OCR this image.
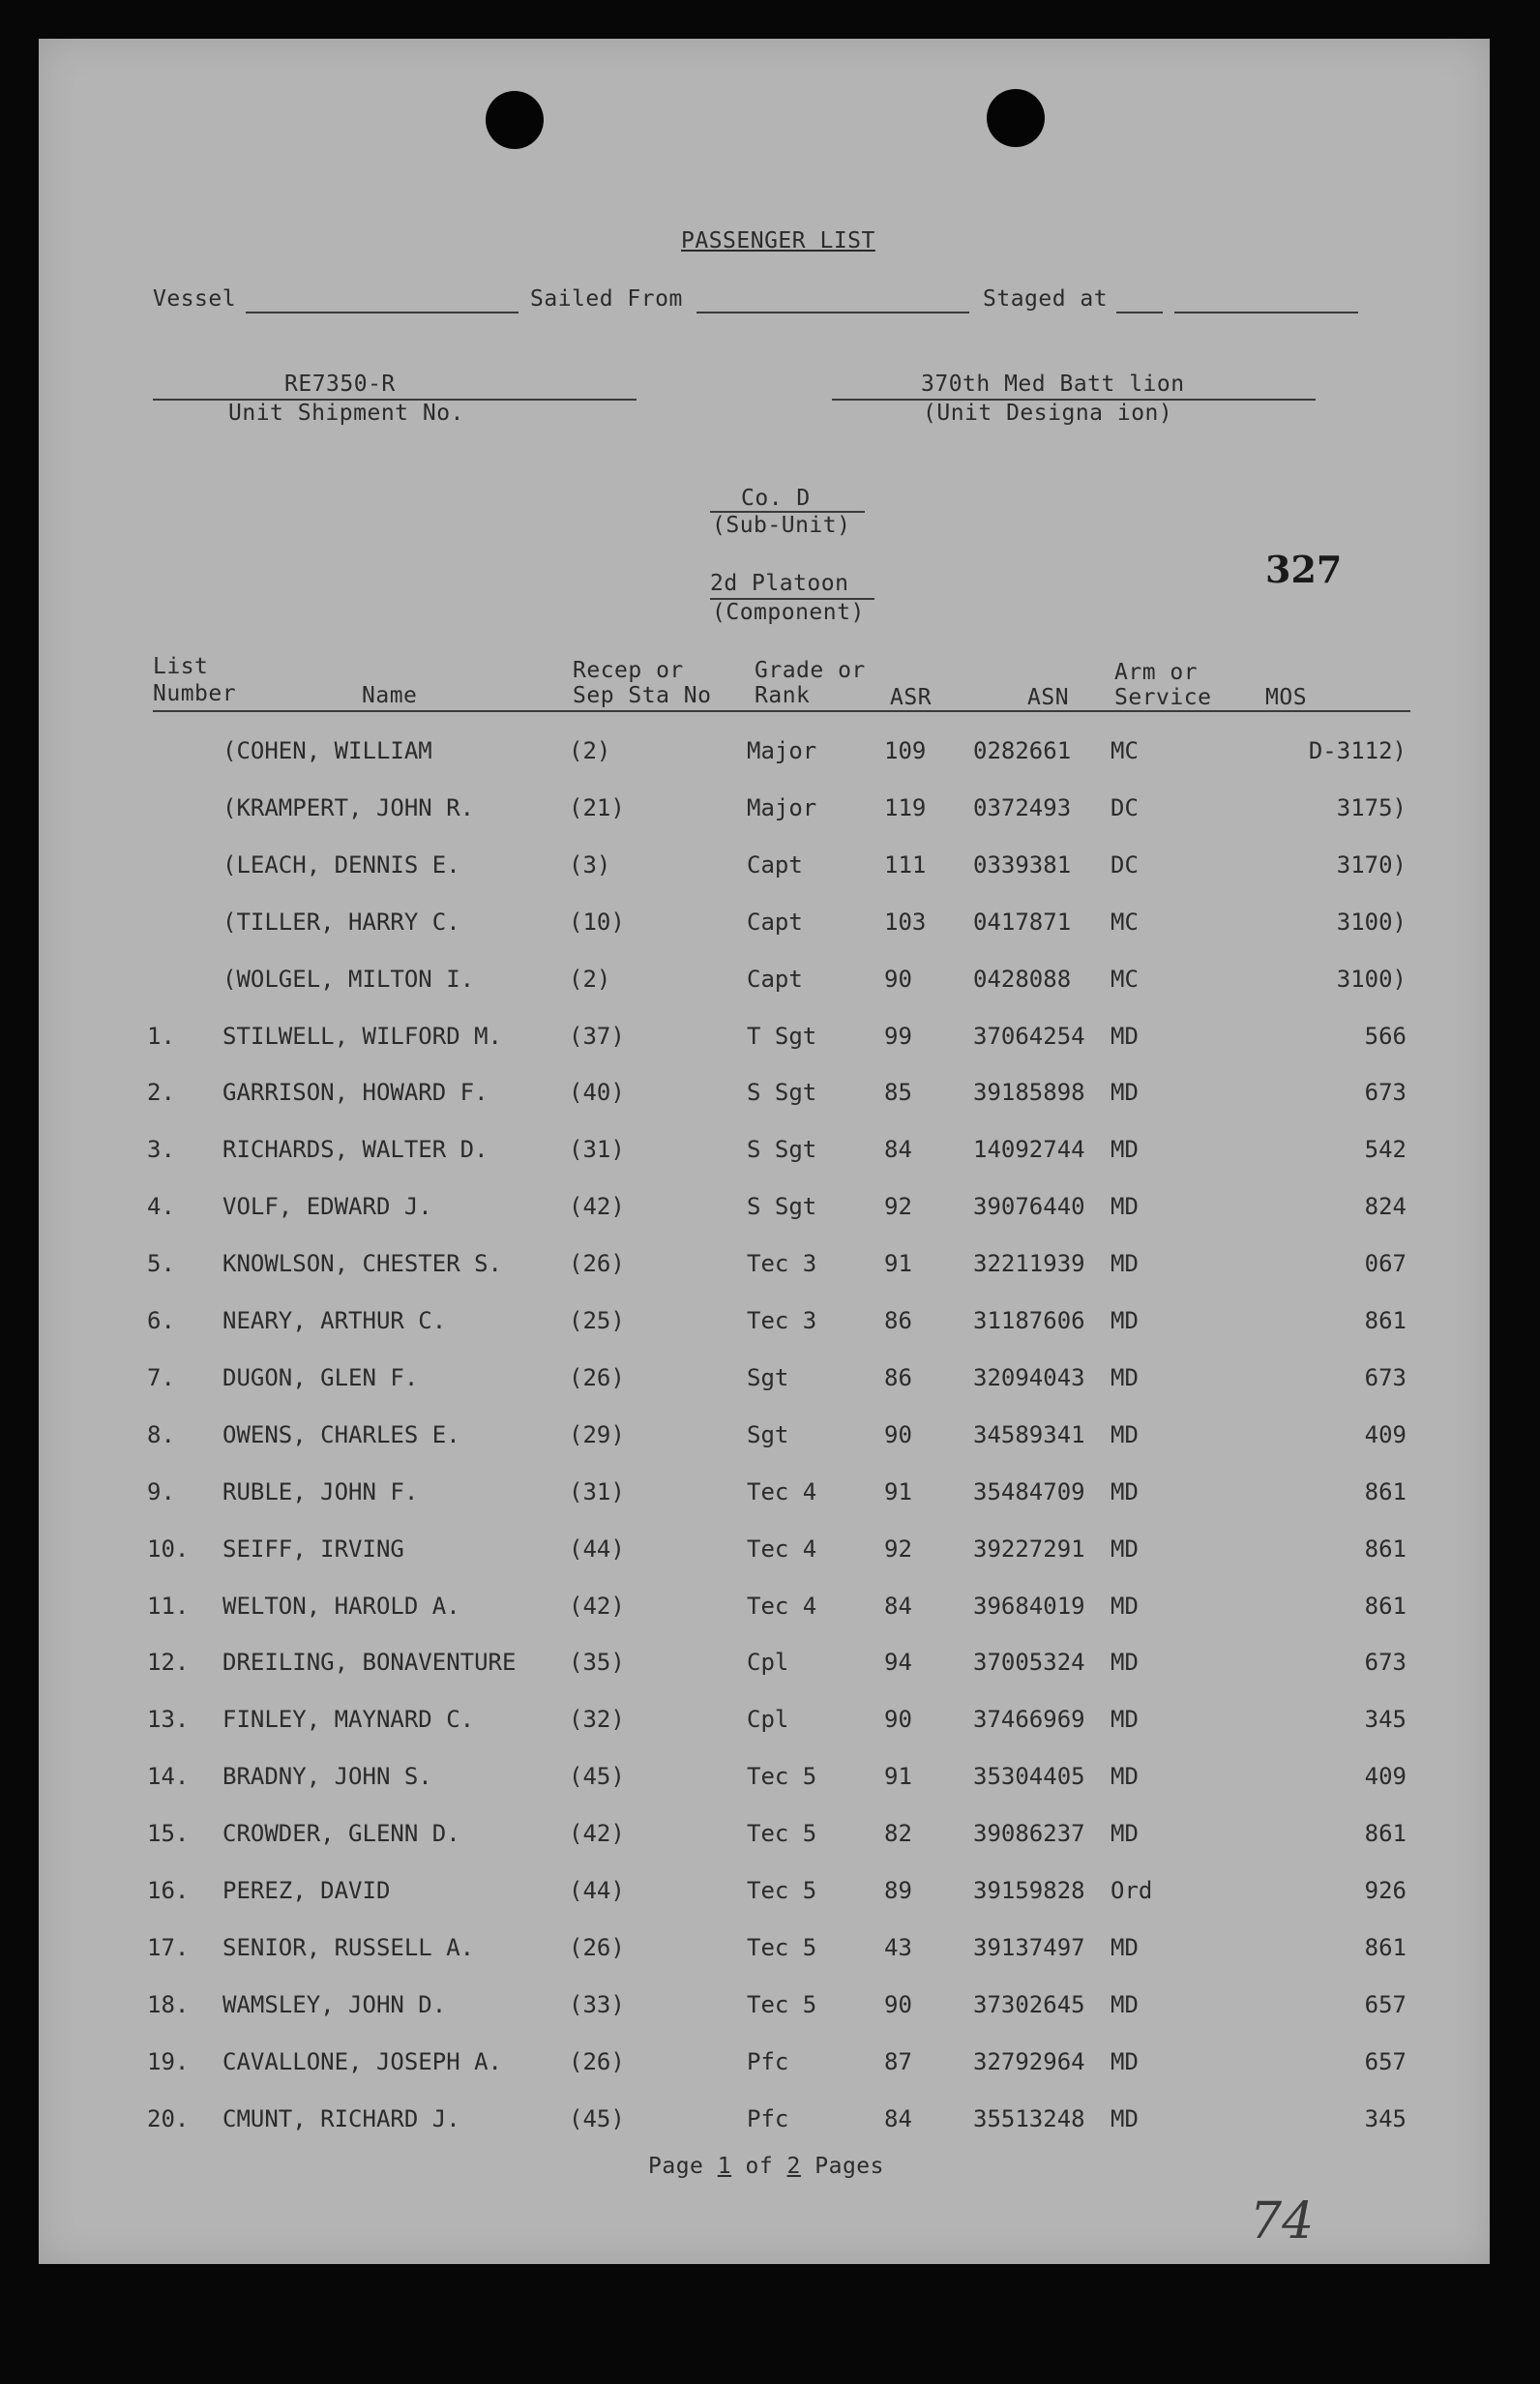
PASSENGER LIST
Vessel	Sailed From	Staged at
RE7350-R
Unit Shipment No.
370th Med Batt lion
(Unit Designa ion)
Co. D
(Sub-Unit)
327
2d Platoon
(Component)
List
Number	Name
Recep or
Sep Sta No
Grade or
Rank	ASR	ASN
Arm or
Service MOS
(COHEN, WILLIAM	(2)	Major	109 0282661 MC	D-3112)
(KRAMPERT, JOHN R.	(21)	Major	119 0372493 DC	3175)
(LEACH, DENNIS E.	(3)	Capt	111 0339381 DC	3170)
(TILLER, HARRY C.	(10)	Capt	103 0417871 MC	3100)
(WOLGEL, MILTON I.	(2)	Capt	90	0428088 MC	3100)
1. STILWELL, WILFORD M.	(37)	T Sgt	99	37064254 MD	566
2. GARRISON, HOWARD F.	(40)	S Sgt	85	39185898 MD	673
3. RICHARDS, WALTER D.	(31)	S Sgt	84	14092744 MD	542
4. VOLF, EDWARD J.	(42)	S Sgt	92	39076440 MD	824
5. KNOWLSON, CHESTER S.	(26)	Tec 3	91	32211939 MD	067
6. NEARY, ARTHUR C.	(25)	Tec 3	86	31187606 MD	861
7. DUGON, GLEN F.	(26)	Sgt	86	32094043 MD	673
8. OWENS, CHARLES E.	(29)	Sgt	90	34589341 MD	409
9. RUBLE, JOHN F.	(31)	Tec 4	91	35484709 MD	861
10. SEIFF, IRVING	(44)	Tec 4	92	39227291 MD	861
11. WELTON, HAROLD A.	(42)	Tec 4	84	39684019 MD	861
12. DREILING, BONAVENTURE (35)	Cpl	94	37005324 MD	673
13. FINLEY, MAYNARD C.	(32)	Cpl	90	37466969 MD	345
14. BRADNY, JOHN S.	(45)	Tec 5	91	35304405 MD	409
15. CROWDER, GLENN D.	(42)	Tec 5	82	39086237 MD	861
16. PEREZ, DAVID	(44)	Tec 5	89	39159828 Ord	926
17. SENIOR, RUSSELL A.	(26)	Tec 5	43	39137497 MD	861
18. WAMSLEY, JOHN D.	(33)	Tec 5	90	37302645 MD	657
19. CAVALLONE, JOSEPH A.	(26)	Pfc	87	32792964 MD	657
20. CMUNT, RICHARD J.	(45)	Pfc	84	35513248 MD	345
Page 1 of 2 Pages
74
